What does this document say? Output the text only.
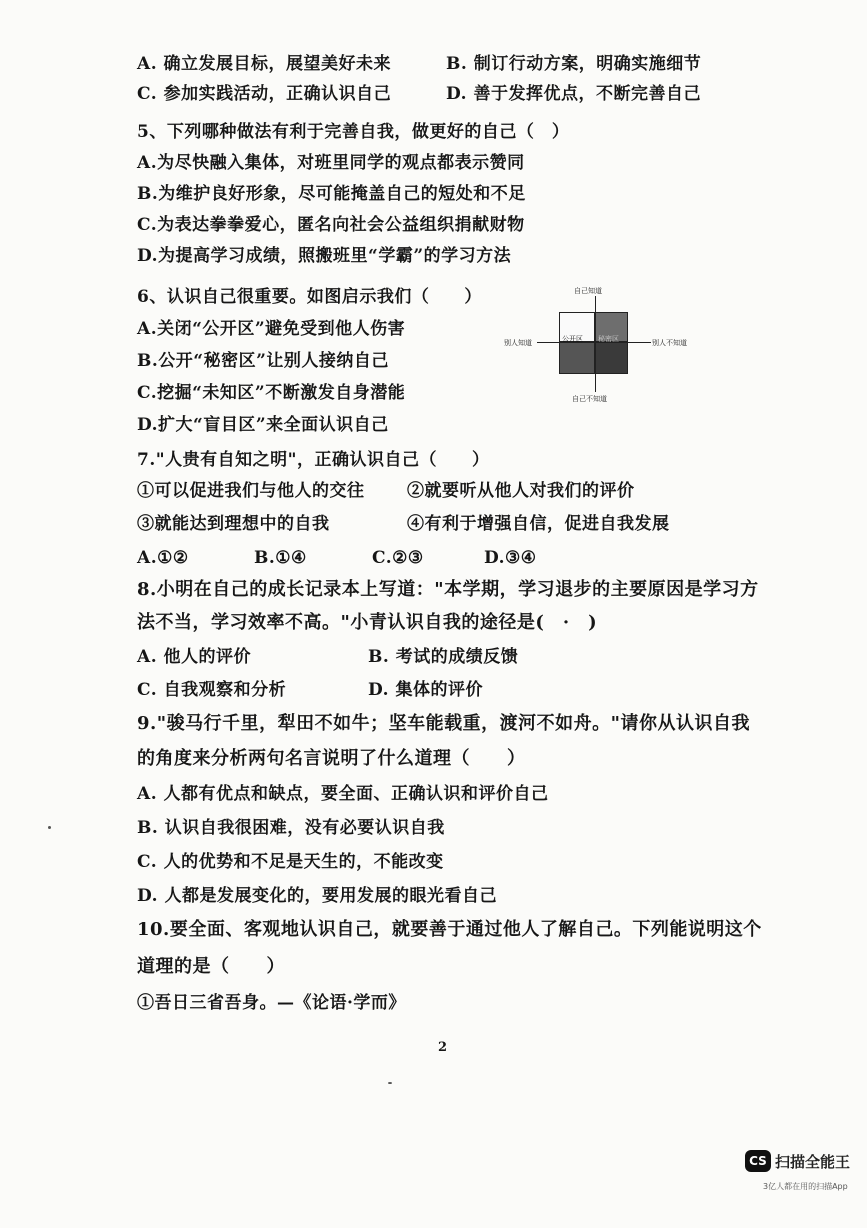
A. 确立发展目标，展望美好未来	B. 制订行动方案，明确实施细节
C. 参加实践活动，正确认识自己	D. 善于发挥优点，不断完善自己
5、下列哪种做法有利于完善自我，做更好的自己（　）
A.为尽快融入集体，对班里同学的观点都表示赞同
B.为维护良好形象，尽可能掩盖自己的短处和不足
C.为表达拳拳爱心，匿名向社会公益组织捐献财物
D.为提高学习成绩，照搬班里“学霸”的学习方法
6、认识自己很重要。如图启示我们（　　）
A.关闭“公开区”避免受到他人伤害
B.公开“秘密区”让别人接纳自己
C.挖掘“未知区”不断激发自身潜能
D.扩大“盲目区”来全面认识自己
自己知道
自己不知道
别人知道	别人不知道
公开区 秘密区
7."人贵有自知之明"，正确认识自己（　　）
①可以促进我们与他人的交往	②就要听从他人对我们的评价
③就能达到理想中的自我	④有利于增强自信，促进自我发展
A.①②	B.①④	C.②③	D.③④
8.小明在自己的成长记录本上写道："本学期，学习退步的主要原因是学习方
法不当，学习效率不高。"小青认识自我的途径是(　·　)
A. 他人的评价	B. 考试的成绩反馈
C. 自我观察和分析	D. 集体的评价
9."骏马行千里，犁田不如牛；坚车能载重，渡河不如舟。"请你从认识自我
的角度来分析两句名言说明了什么道理（　　）
A. 人都有优点和缺点，要全面、正确认识和评价自己
B. 认识自我很困难，没有必要认识自我
C. 人的优势和不足是天生的，不能改变
D. 人都是发展变化的，要用发展的眼光看自己
10.要全面、客观地认识自己，就要善于通过他人了解自己。下列能说明这个
道理的是（　　）
①吾日三省吾身。—《论语·学而》
2
CS 扫描全能王
3亿人都在用的扫描App
